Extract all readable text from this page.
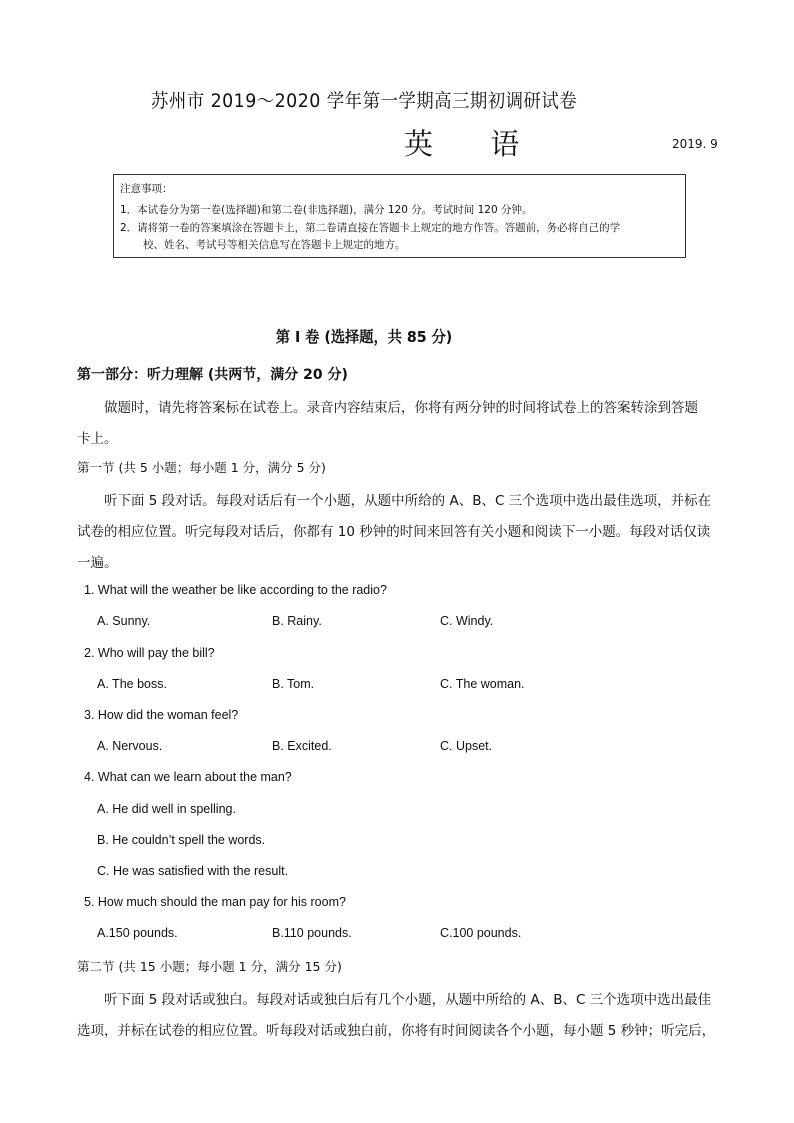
苏州市 2019～2020 学年第一学期高三期初调研试卷
英 语	2019. 9
注意事项：
1．本试卷分为第一卷(选择题)和第二卷(非选择题)，满分 120 分。考试时间 120 分钟。
2．请将第一卷的答案填涂在答题卡上，第二卷请直接在答题卡上规定的地方作答。答题前，务必将自己的学
校、姓名、考试号等相关信息写在答题卡上规定的地方。
第 I 卷 (选择题，共 85 分)
第一部分：听力理解 (共两节，满分 20 分)
做题时，请先将答案标在试卷上。录音内容结束后，你将有两分钟的时间将试卷上的答案转涂到答题
卡上。
第一节 (共 5 小题；每小题 1 分，满分 5 分)
听下面 5 段对话。每段对话后有一个小题，从题中所给的 A、B、C 三个选项中选出最佳选项，并标在
试卷的相应位置。听完每段对话后，你都有 10 秒钟的时间来回答有关小题和阅读下一小题。每段对话仅读
一遍。
1. What will the weather be like according to the radio?
A. Sunny.	B. Rainy.	C. Windy.
2. Who will pay the bill?
A. The boss.	B. Tom.	C. The woman.
3. How did the woman feel?
A. Nervous.	B. Excited.	C. Upset.
4. What can we learn about the man?
A. He did well in spelling.
B. He couldn’t spell the words.
C. He was satisfied with the result.
5. How much should the man pay for his room?
A.150 pounds.	B.110 pounds.	C.100 pounds.
第二节 (共 15 小题；每小题 1 分，满分 15 分)
听下面 5 段对话或独白。每段对话或独白后有几个小题，从题中所给的 A、B、C 三个选项中选出最佳
选项，并标在试卷的相应位置。听每段对话或独白前，你将有时间阅读各个小题，每小题 5 秒钟；听完后，
